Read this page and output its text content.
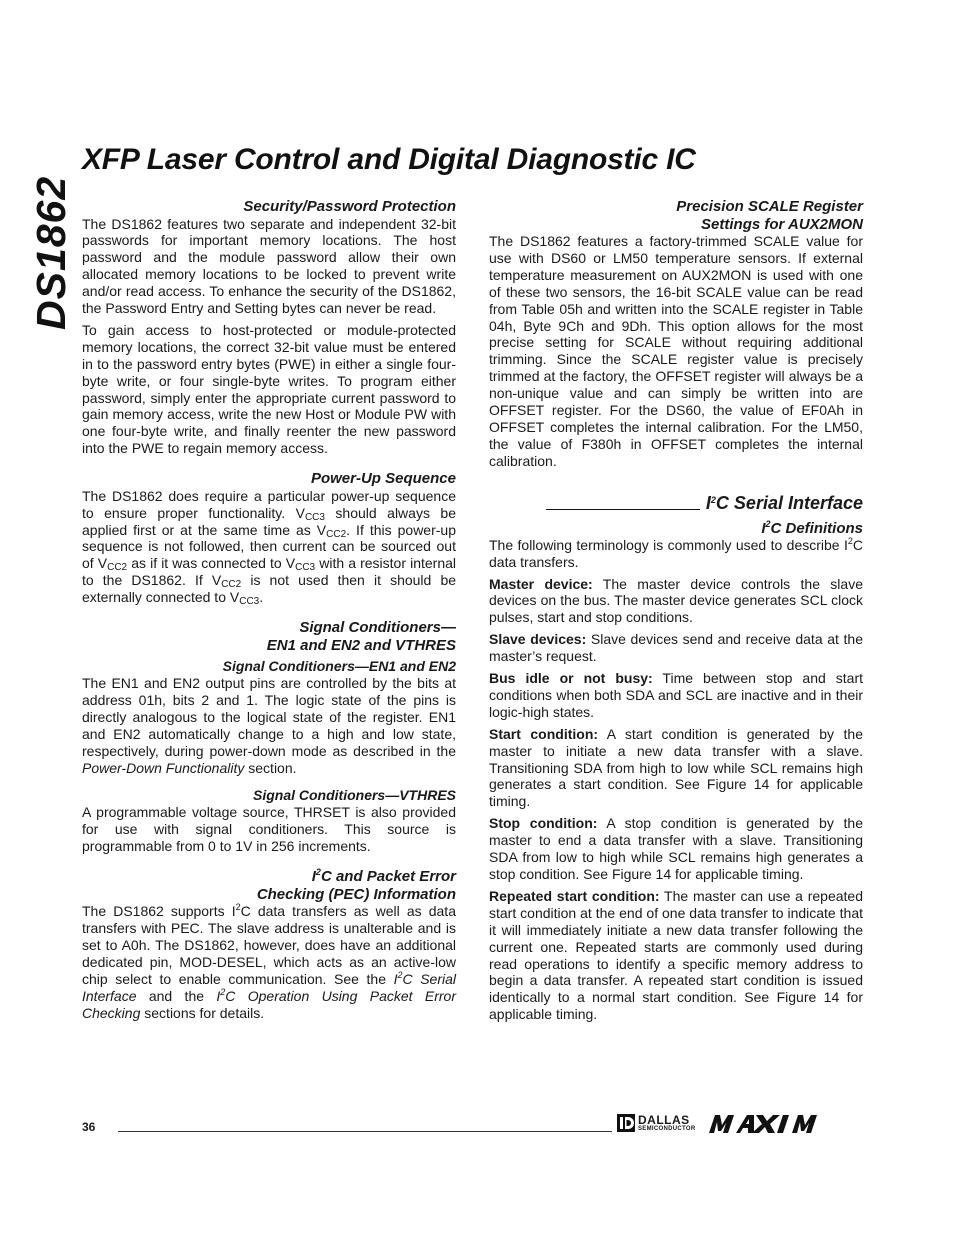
DS1862
XFP Laser Control and Digital Diagnostic IC
Security/Password Protection

The DS1862 features two separate and independent 32-bit passwords for important memory locations. The host password and the module password allow their own allocated memory locations to be locked to prevent write and/or read access. To enhance the security of the DS1862, the Password Entry and Setting bytes can never be read.

To gain access to host-protected or module-protected memory locations, the correct 32-bit value must be entered in to the password entry bytes (PWE) in either a single four-byte write, or four single-byte writes. To program either password, simply enter the appropriate current password to gain memory access, write the new Host or Module PW with one four-byte write, and finally reenter the new password into the PWE to regain memory access.

Power-Up Sequence

The DS1862 does require a particular power-up sequence to ensure proper functionality. $V_{CC3}$ should always be applied first or at the same time as $V_{CC2}$. If this power-up sequence is not followed, then current can be sourced out of $V_{CC2}$ as if it was connected to $V_{CC3}$ with a resistor internal to the DS1862. If $V_{CC2}$ is not used then it should be externally connected to $V_{CC3}$.

Signal Conditioners—
EN1 and EN2 and VTHRES
Signal Conditioners—EN1 and EN2

The EN1 and EN2 output pins are controlled by the bits at address 01h, bits 2 and 1. The logic state of the pins is directly analogous to the logical state of the register. EN1 and EN2 automatically change to a high and low state, respectively, during power-down mode as described in the Power-Down Functionality section.

Signal Conditioners—VTHRES

A programmable voltage source, THRSET is also provided for use with signal conditioners. This source is programmable from 0 to 1V in 256 increments.

$I^2C$ and Packet Error
Checking (PEC) Information

The DS1862 supports $I^2C$ data transfers as well as data transfers with PEC. The slave address is unalterable and is set to A0h. The DS1862, however, does have an additional dedicated pin, MOD-DESEL, which acts as an active-low chip select to enable communication. See the $I^2C$ Serial Interface and the $I^2C$ Operation Using Packet Error Checking sections for details.

Precision SCALE Register
Settings for AUX2MON

The DS1862 features a factory-trimmed SCALE value for use with DS60 or LM50 temperature sensors. If external temperature measurement on AUX2MON is used with one of these two sensors, the 16-bit SCALE value can be read from Table 05h and written into the SCALE register in Table 04h, Byte 9Ch and 9Dh. This option allows for the most precise setting for SCALE without requiring additional trimming. Since the SCALE register value is precisely trimmed at the factory, the OFFSET register will always be a non-unique value and can simply be written into are OFFSET register. For the DS60, the value of EF0Ah in OFFSET completes the internal calibration. For the LM50, the value of F380h in OFFSET completes the internal calibration.

$I^2C$ Serial Interface
$I^2C$ Definitions

The following terminology is commonly used to describe $I^2C$ data transfers.

Master device: The master device controls the slave devices on the bus. The master device generates SCL clock pulses, start and stop conditions.

Slave devices: Slave devices send and receive data at the master’s request.

Bus idle or not busy: Time between stop and start conditions when both SDA and SCL are inactive and in their logic-high states.

Start condition: A start condition is generated by the master to initiate a new data transfer with a slave. Transitioning SDA from high to low while SCL remains high generates a start condition. See Figure 14 for applicable timing.

Stop condition: A stop condition is generated by the master to end a data transfer with a slave. Transitioning SDA from low to high while SCL remains high generates a stop condition. See Figure 14 for applicable timing.

Repeated start condition: The master can use a repeated start condition at the end of one data transfer to indicate that it will immediately initiate a new data transfer following the current one. Repeated starts are commonly used during read operations to identify a specific memory address to begin a data transfer. A repeated start condition is issued identically to a normal start condition. See Figure 14 for applicable timing.

36	DALLAS
SEMICONDUCTOR
